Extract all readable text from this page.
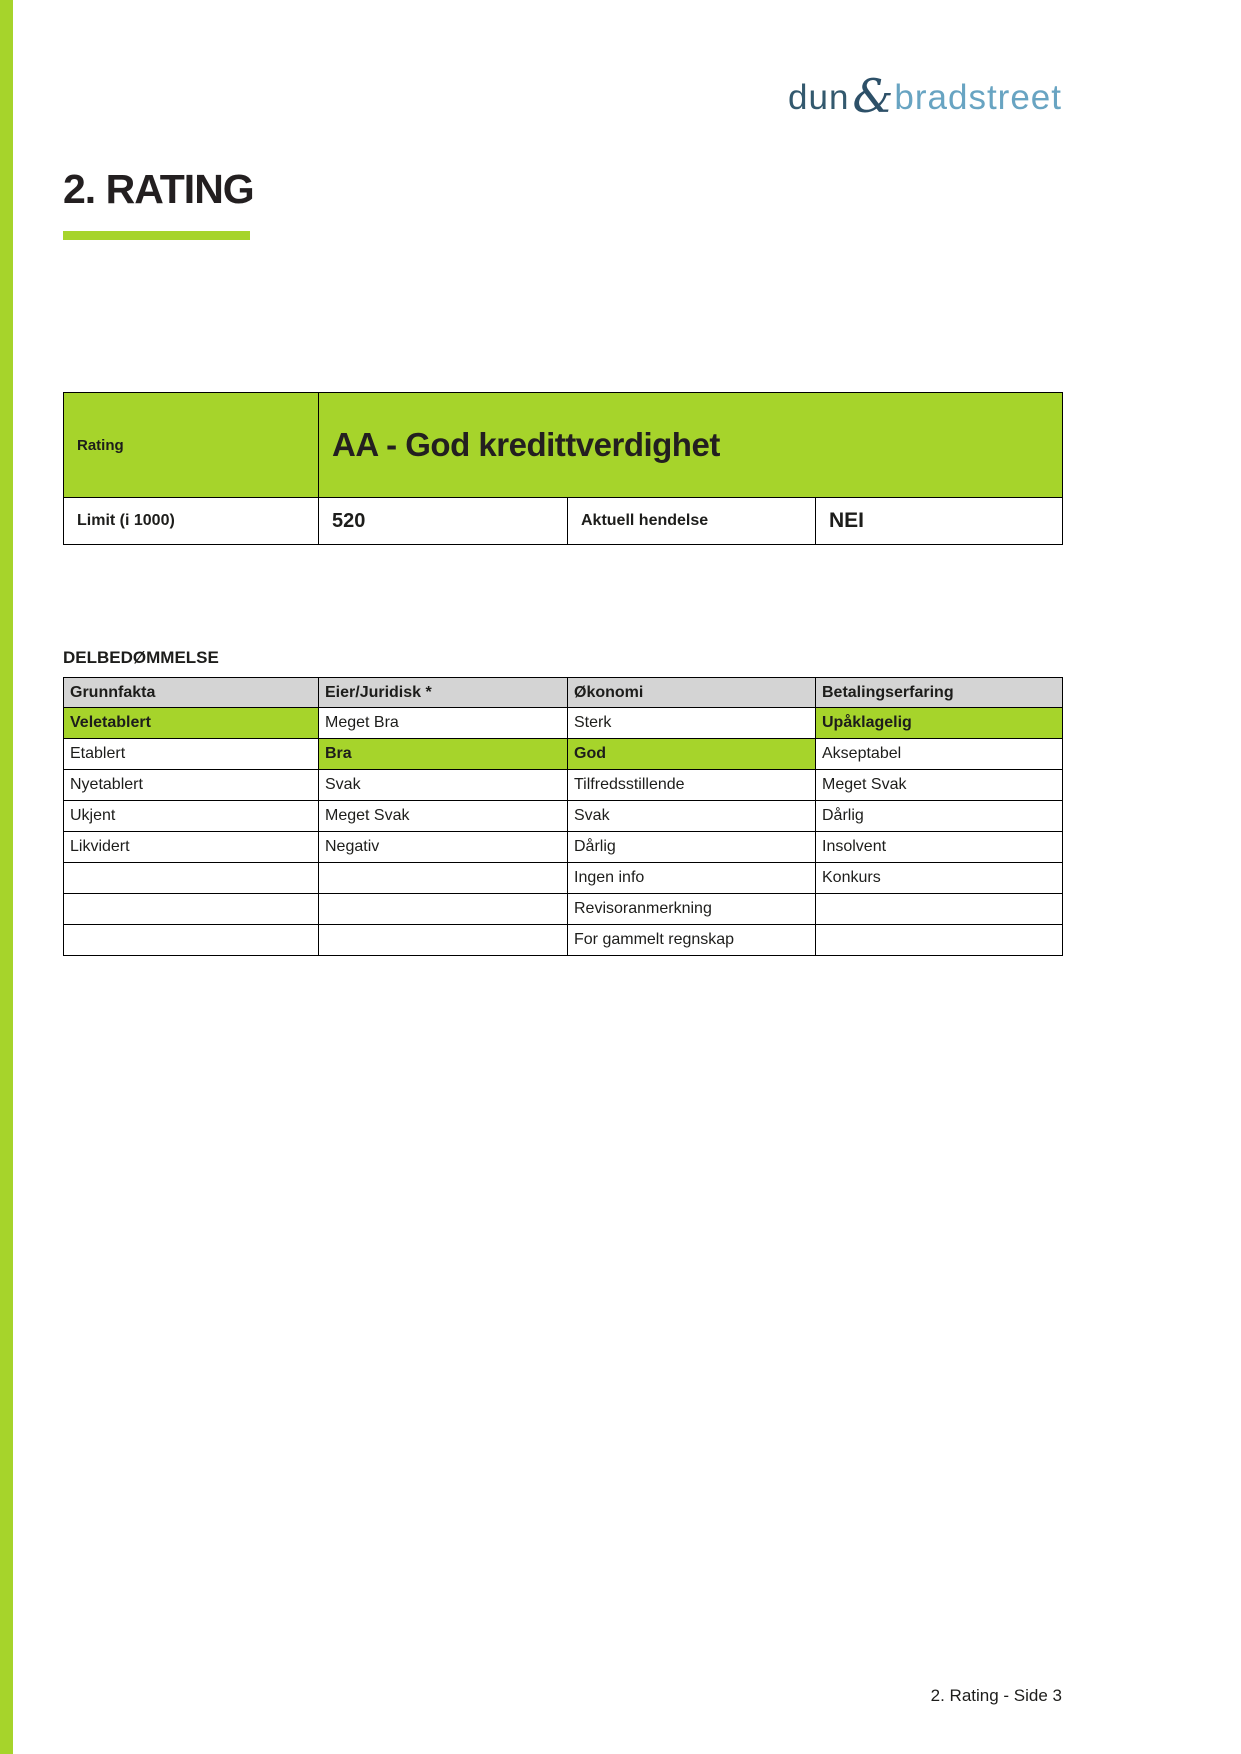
dun & bradstreet
2. RATING
Rating	AA - God kredittverdighet		
Limit (i 1000)	520	Aktuell hendelse	NEI
DELBEDØMMELSE
Grunnfakta	Eier/Juridisk *	Økonomi	Betalingserfaring
Veletablert	Meget Bra	Sterk	Upåklagelig
Etablert	Bra	God	Akseptabel
Nyetablert	Svak	Tilfredsstillende	Meget Svak
Ukjent	Meget Svak	Svak	Dårlig
Likvidert	Negativ	Dårlig	Insolvent
		Ingen info	Konkurs
		Revisoranmerkning	
		For gammelt regnskap	
2. Rating - Side 3
